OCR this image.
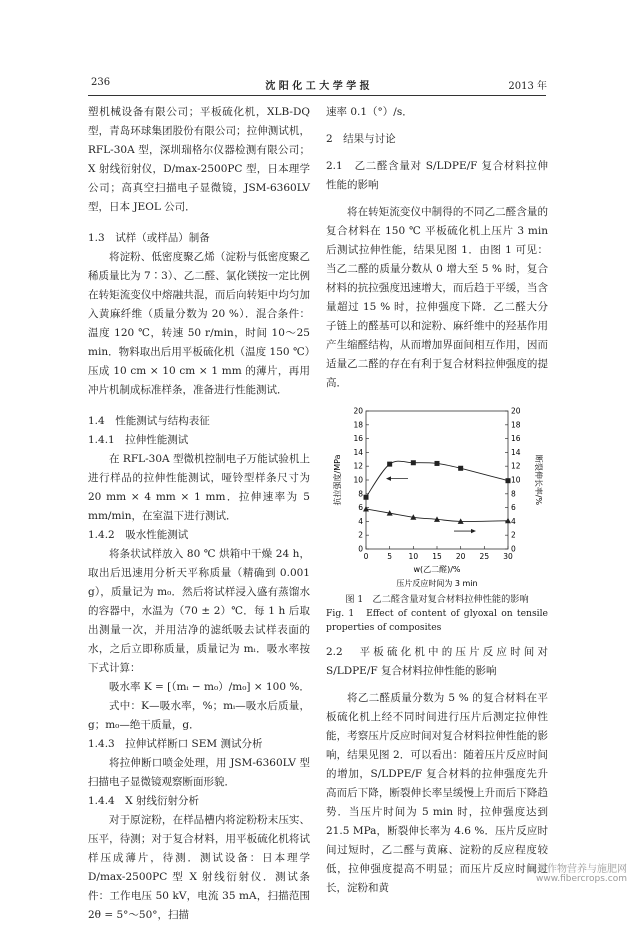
236	沈 阳 化 工 大 学 学 报	2013 年

塑机械设备有限公司；平板硫化机，XLB-DQ 型，青岛环球集团股份有限公司；拉伸测试机，RFL-30A 型，深圳瑞格尔仪器检测有限公司；X 射线衍射仪，D/max-2500PC 型，日本理学公司；高真空扫描电子显微镜，JSM-6360LV 型，日本 JEOL 公司．

1.3　试样（或样品）制备

将淀粉、低密度聚乙烯（淀粉与低密度聚乙稀质量比为 7∶3）、乙二醛、氯化镁按一定比例在转矩流变仪中熔融共混，而后向转矩中均匀加入黄麻纤维（质量分数为 20 %）．混合条件：温度 120 ℃，转速 50 r/min，时间 10～25 min．物料取出后用平板硫化机（温度 150 ℃）压成 10 cm × 10 cm × 1 mm 的薄片，再用冲片机制成标准样条，准备进行性能测试．

1.4　性能测试与结构表征

1.4.1　拉伸性能测试

在 RFL-30A 型微机控制电子万能试验机上进行样品的拉伸性能测试，哑铃型样条尺寸为 20 mm × 4 mm × 1 mm．拉伸速率为 5 mm/min，在室温下进行测试．

1.4.2　吸水性能测试

将条状试样放入 80 ℃ 烘箱中干燥 24 h，取出后迅速用分析天平称质量（精确到 0.001 g），质量记为 m₀．然后将试样浸入盛有蒸馏水的容器中，水温为（70 ± 2）℃．每 1 h 后取出测量一次，并用洁净的滤纸吸去试样表面的水，之后立即称质量，质量记为 mᵢ．吸水率按下式计算：

吸水率 K = [（mᵢ − m₀）/m₀] × 100 %．

式中：K—吸水率，%；mᵢ—吸水后质量，g；m₀—绝干质量，g．

1.4.3　拉伸试样断口 SEM 测试分析

将拉伸断口喷金处理，用 JSM-6360LV 型扫描电子显微镜观察断面形貌．

1.4.4　X 射线衍射分析

对于原淀粉，在样品槽内将淀粉粉末压实、压平，待测；对于复合材料，用平板硫化机将试样压成薄片，待测．测试设备：日本理学 D/max-2500PC 型 X 射线衍射仪．测试条件：工作电压 50 kV，电流 35 mA，扫描范围 2θ = 5°～50°，扫描

速率 0.1（°）/s．

2　结果与讨论

2.1　乙二醛含量对 S/LDPE/F 复合材料拉伸性能的影响

将在转矩流变仪中制得的不同乙二醛含量的复合材料在 150 ℃ 平板硫化机上压片 3 min 后测试拉伸性能，结果见图 1．由图 1 可见：当乙二醛的质量分数从 0 增大至 5 % 时，复合材料的抗拉强度迅速增大，而后趋于平缓，当含量超过 15 % 时，拉伸强度下降．乙二醛大分子链上的醛基可以和淀粉、麻纤维中的羟基作用产生缩醛结构，从而增加界面间相互作用，因而适量乙二醛的存在有利于复合材料拉伸强度的提高．

0	5 10 15 20 25 30
0
2
4
6
8
10
12
14
16
18
20
0
2
4
6
8
10
12
14
16
18
20
抗拉强度/MPa	断裂伸长率/%
w(乙二醛)/%
压片反应时间为 3 min

图 1　乙二醛含量对复合材料拉伸性能的影响

Fig. 1　Effect of content of glyoxal on tensile properties of composites

2.2　平板硫化机中的压片反应时间对 S/LDPE/F 复合材料拉伸性能的影响

将乙二醛质量分数为 5 % 的复合材料在平板硫化机上经不同时间进行压片后测定拉伸性能，考察压片反应时间对复合材料拉伸性能的影响，结果见图 2．可以看出：随着压片反应时间的增加，S/LDPE/F 复合材料的拉伸强度先升高而后下降，断裂伸长率呈缓慢上升而后下降趋势．当压片时间为 5 min 时，拉伸强度达到 21.5 MPa，断裂伸长率为 4.6 %．压片反应时间过短时，乙二醛与黄麻、淀粉的反应程度较低，拉伸强度提高不明显；而压片反应时间过长，淀粉和黄

麻类作物营养与施肥网
www.fibercrops.com
